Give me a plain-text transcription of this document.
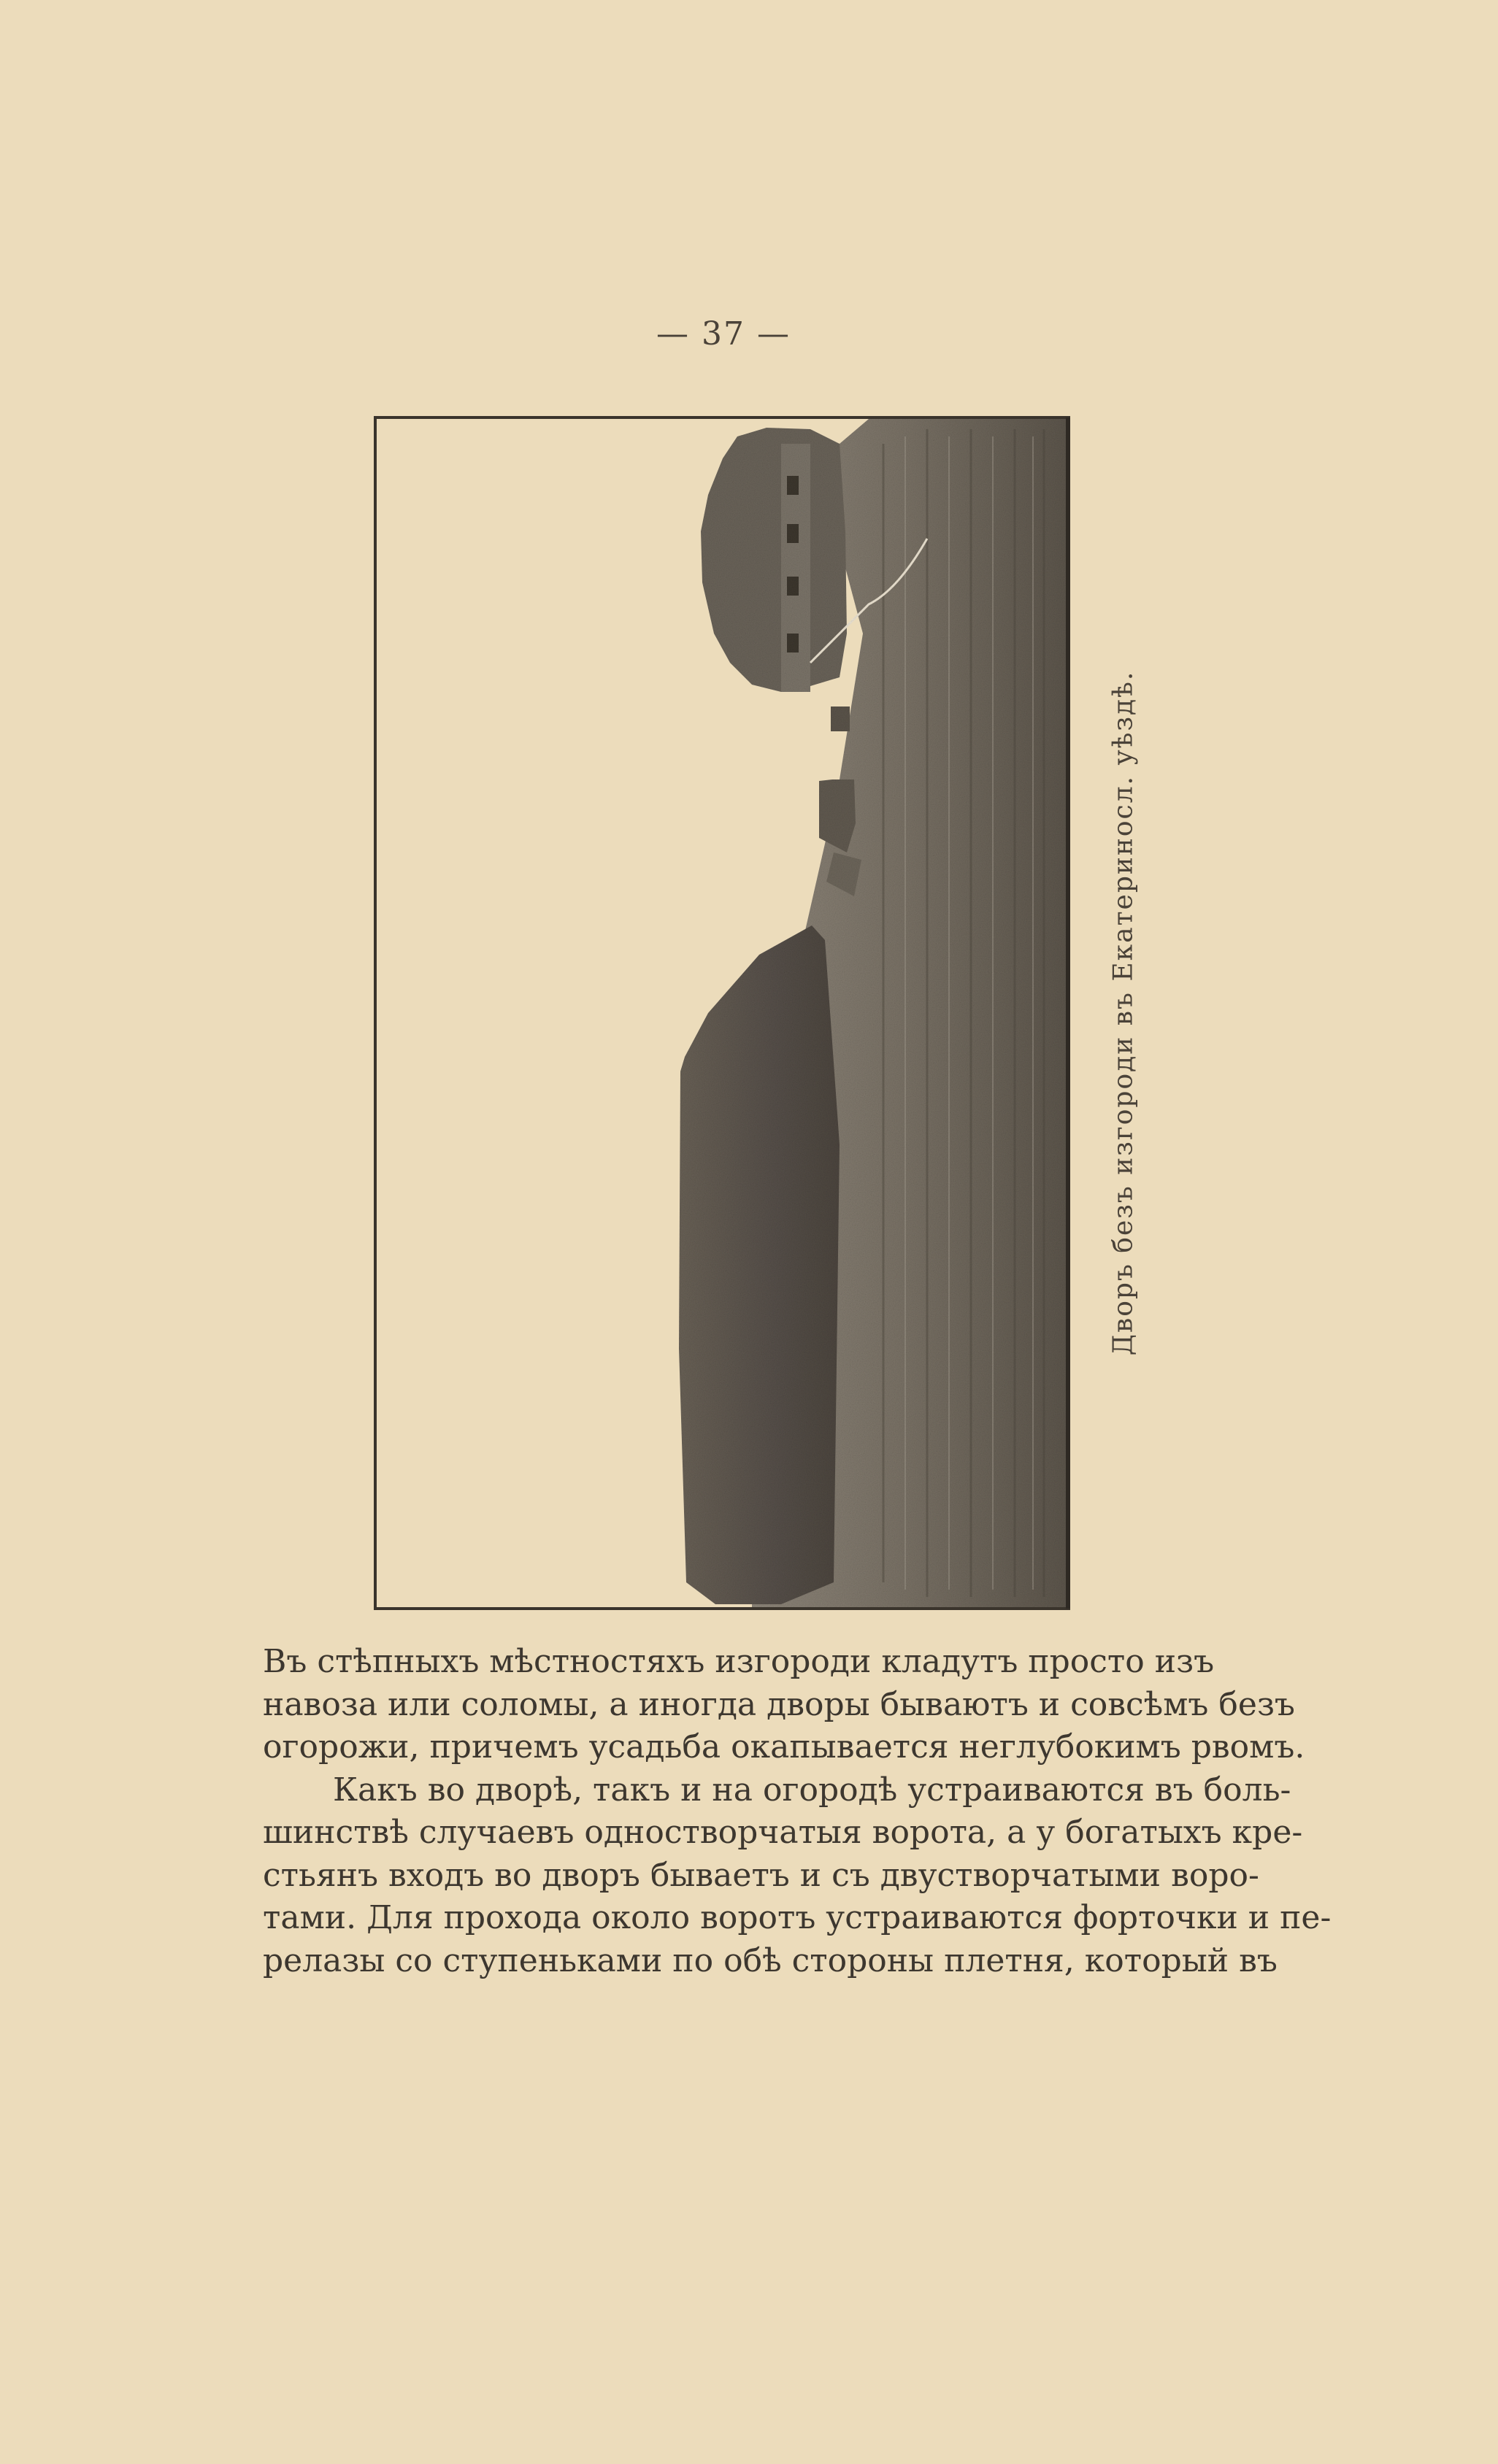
— 37 —
Дворъ безъ изгороди въ Екатериносл. уѣздѣ.
Въ стѣпныхъ мѣстностяхъ изгороди кладутъ просто изъ
навоза или соломы, а иногда дворы бываютъ и совсѣмъ безъ
огорожи, причемъ усадьба окапывается неглубокимъ рвомъ.
Какъ во дворѣ, такъ и на огородѣ устраиваются въ боль-
шинствѣ случаевъ одностворчатыя ворота, а у богатыхъ кре-
стьянъ входъ во дворъ бываетъ и съ двустворчатыми воро-
тами. Для прохода около воротъ устраиваются форточки и пе-
релазы со ступеньками по обѣ стороны плетня, который въ
